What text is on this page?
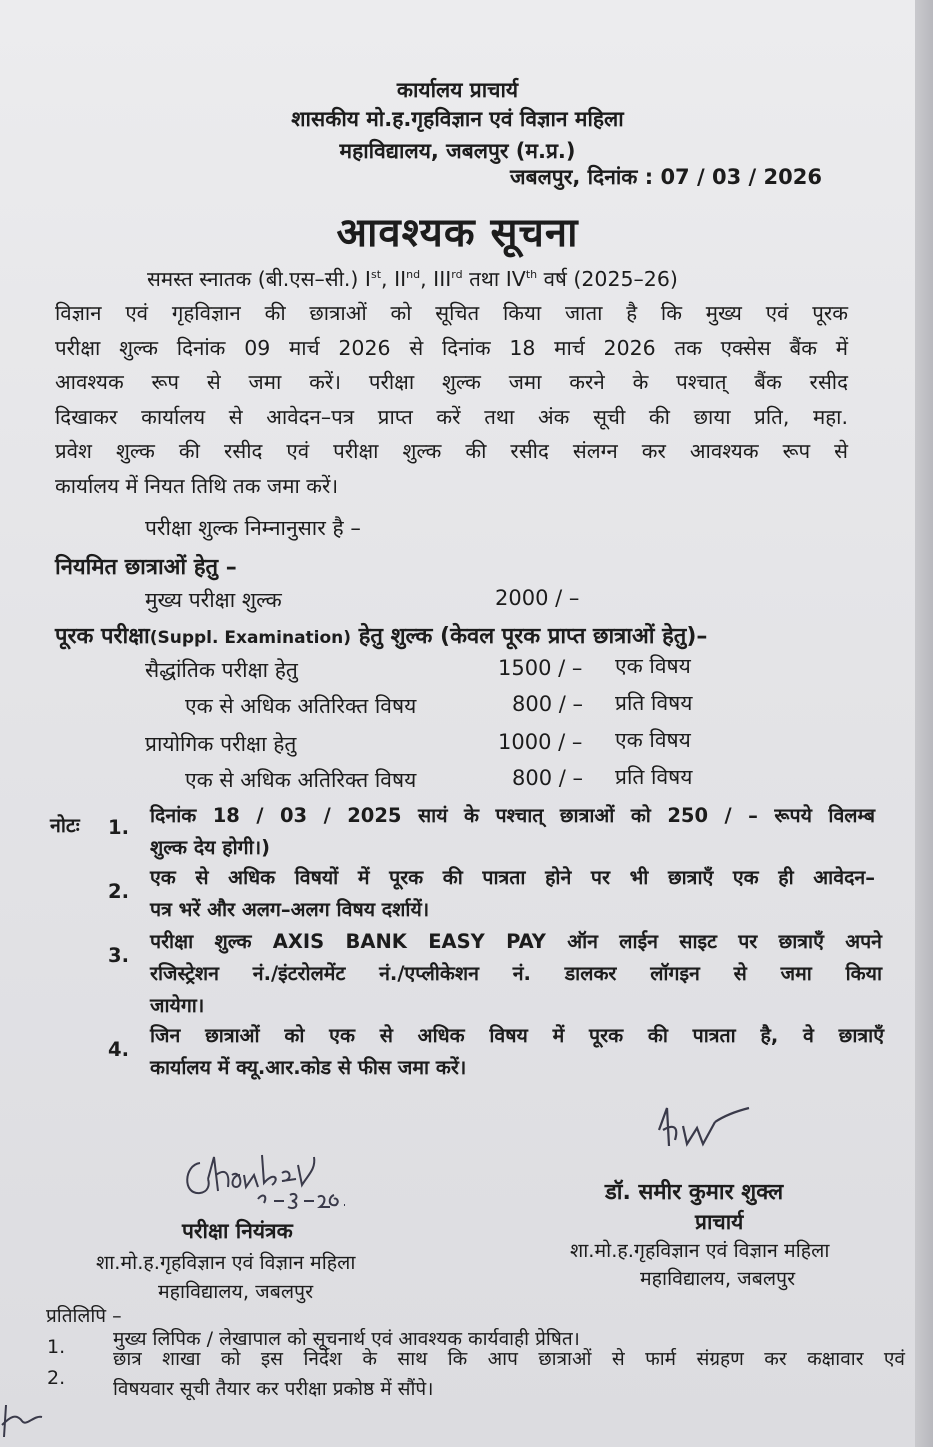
कार्यालय प्राचार्य
शासकीय मो.ह.गृहविज्ञान एवं विज्ञान महिला
महाविद्यालय, जबलपुर (म.प्र.)
जबलपुर, दिनांक : 07 / 03 / 2026
आवश्यक सूचना
समस्त स्नातक (बी.एस–सी.) Ist, IInd, IIIrd तथा IVth वर्ष (2025–26)
विज्ञान एवं गृहविज्ञान की छात्राओं को सूचित किया जाता है कि मुख्य एवं पूरक
परीक्षा शुल्क दिनांक 09 मार्च 2026 से दिनांक 18 मार्च 2026 तक एक्सेस बैंक में
आवश्यक रूप से जमा करें। परीक्षा शुल्क जमा करने के पश्चात् बैंक रसीद
दिखाकर कार्यालय से आवेदन–पत्र प्राप्त करें तथा अंक सूची की छाया प्रति, महा.
प्रवेश शुल्क की रसीद एवं परीक्षा शुल्क की रसीद संलग्न कर आवश्यक रूप से
कार्यालय में नियत तिथि तक जमा करें।
परीक्षा शुल्क निम्नानुसार है –
नियमित छात्राओं हेतु –
मुख्य परीक्षा शुल्क	2000 / –
पूरक परीक्षा(Suppl. Examination) हेतु शुल्क (केवल पूरक प्राप्त छात्राओं हेतु)–
सैद्धांतिक परीक्षा हेतु	1500 / – एक विषय
एक से अधिक अतिरिक्त विषय	800 / – प्रति विषय
प्रायोगिक परीक्षा हेतु	1000 / – एक विषय
एक से अधिक अतिरिक्त विषय	800 / – प्रति विषय
नोटः 1.
दिनांक 18 / 03 / 2025 सायं के पश्चात् छात्राओं को 250 / – रूपये विलम्ब
शुल्क देय होगी।)
2.
एक से अधिक विषयों में पूरक की पात्रता होने पर भी छात्राएँ एक ही आवेदन–
पत्र भरें और अलग–अलग विषय दर्शायें।
3.
परीक्षा शुल्क AXIS BANK EASY PAY ऑन लाईन साइट पर छात्राएँ अपने
रजिस्ट्रेशन नं./इंटरोलमेंट नं./एप्लीकेशन नं. डालकर लॉगइन से जमा किया
जायेगा।
4.
जिन छात्राओं को एक से अधिक विषय में पूरक की पात्रता है, वे छात्राएँ
कार्यालय में क्यू.आर.कोड से फीस जमा करें।
परीक्षा नियंत्रक
शा.मो.ह.गृहविज्ञान एवं विज्ञान महिला
महाविद्यालय, जबलपुर
डॉ. समीर कुमार शुक्ल
प्राचार्य
शा.मो.ह.गृहविज्ञान एवं विज्ञान महिला
महाविद्यालय, जबलपुर
प्रतिलिपि –
1.	मुख्य लिपिक / लेखापाल को सूचनार्थ एवं आवश्यक कार्यवाही प्रेषित।
2.
छात्र शाखा को इस निर्देश के साथ कि आप छात्राओं से फार्म संग्रहण कर कक्षावार एवं
विषयवार सूची तैयार कर परीक्षा प्रकोष्ठ में सौंपे।
